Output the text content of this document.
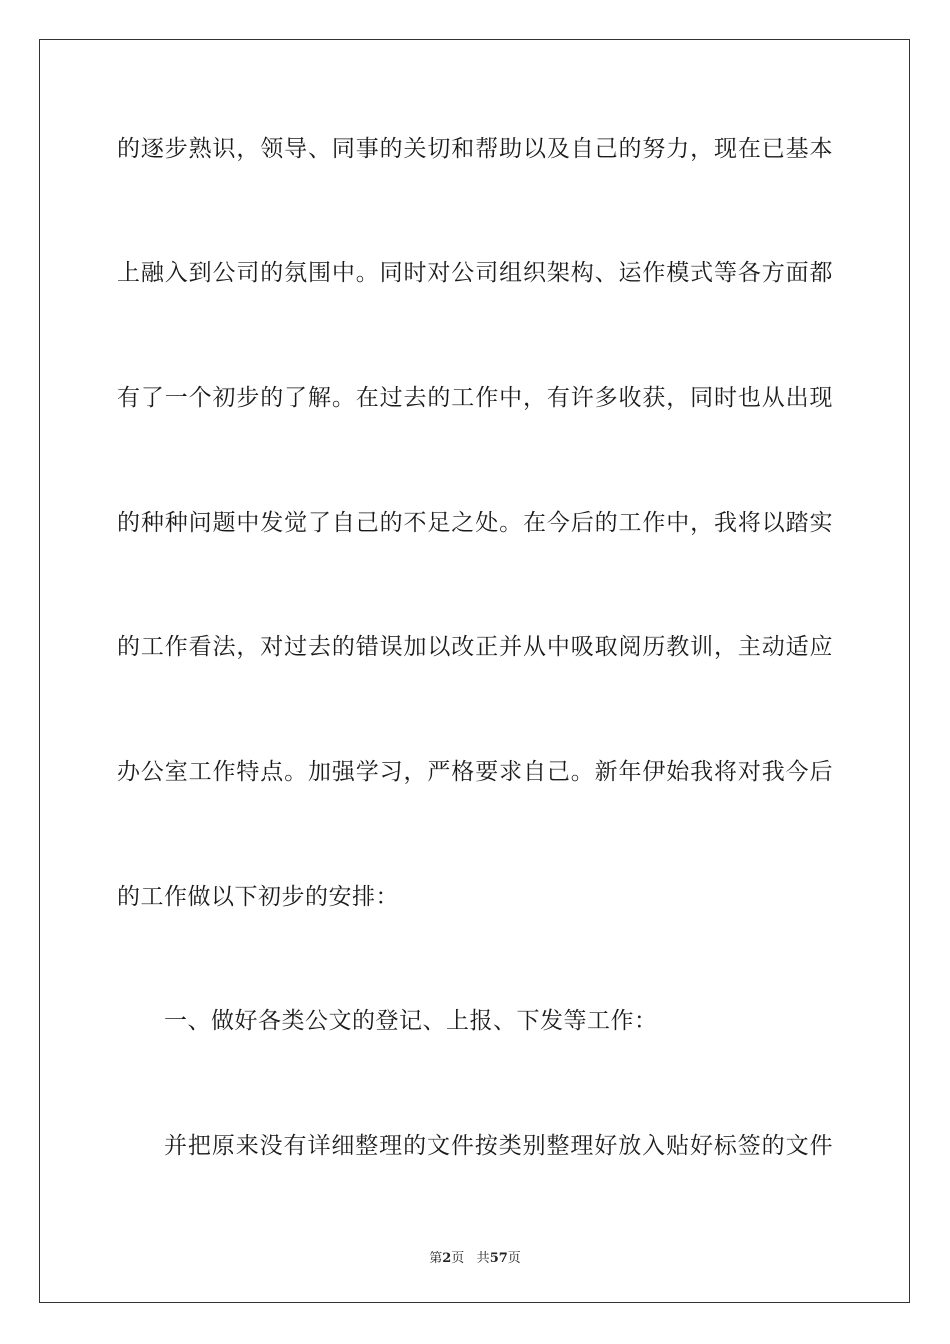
的逐步熟识，领导、同事的关切和帮助以及自己的努力，现在已基本
上融入到公司的氛围中。同时对公司组织架构、运作模式等各方面都
有了一个初步的了解。在过去的工作中，有许多收获，同时也从出现
的种种问题中发觉了自己的不足之处。在今后的工作中，我将以踏实
的工作看法，对过去的错误加以改正并从中吸取阅历教训，主动适应
办公室工作特点。加强学习，严格要求自己。新年伊始我将对我今后
的工作做以下初步的安排：
一、做好各类公文的登记、上报、下发等工作：
并把原来没有详细整理的文件按类别整理好放入贴好标签的文件
第2页 共57页
